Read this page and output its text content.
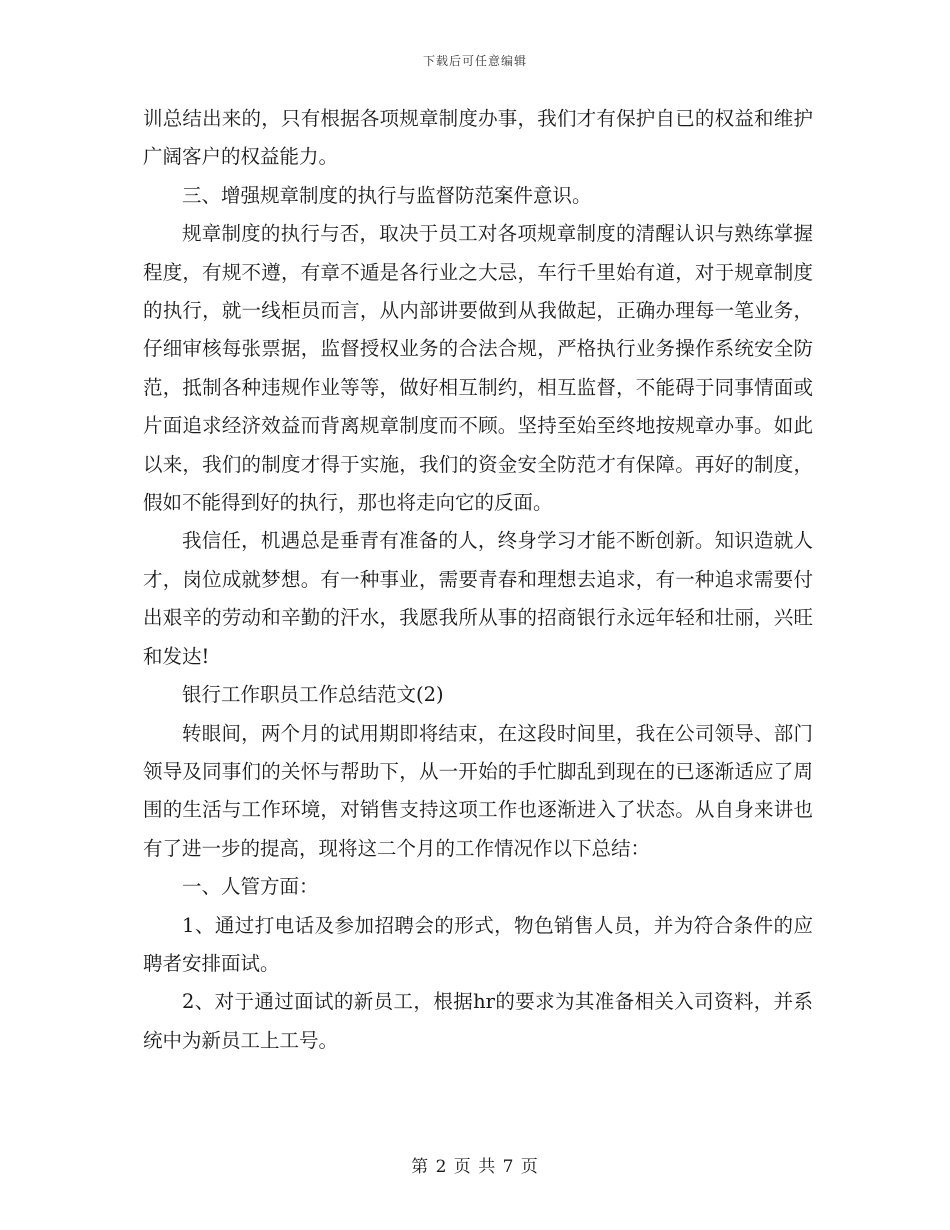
下载后可任意编辑

训总结出来的，只有根据各项规章制度办事，我们才有保护自已的权益和维护广阔客户的权益能力。

三、增强规章制度的执行与监督防范案件意识。

规章制度的执行与否，取决于员工对各项规章制度的清醒认识与熟练掌握程度，有规不遵，有章不遁是各行业之大忌，车行千里始有道，对于规章制度的执行，就一线柜员而言，从内部讲要做到从我做起，正确办理每一笔业务，仔细审核每张票据，监督授权业务的合法合规，严格执行业务操作系统安全防范，抵制各种违规作业等等，做好相互制约，相互监督，不能碍于同事情面或片面追求经济效益而背离规章制度而不顾。坚持至始至终地按规章办事。如此以来，我们的制度才得于实施，我们的资金安全防范才有保障。再好的制度，假如不能得到好的执行，那也将走向它的反面。

我信任，机遇总是垂青有准备的人，终身学习才能不断创新。知识造就人才，岗位成就梦想。有一种事业，需要青春和理想去追求，有一种追求需要付出艰辛的劳动和辛勤的汗水，我愿我所从事的招商银行永远年轻和壮丽，兴旺和发达!

银行工作职员工作总结范文(2)

转眼间，两个月的试用期即将结束，在这段时间里，我在公司领导、部门领导及同事们的关怀与帮助下，从一开始的手忙脚乱到现在的已逐渐适应了周围的生活与工作环境，对销售支持这项工作也逐渐进入了状态。从自身来讲也有了进一步的提高，现将这二个月的工作情况作以下总结：

一、人管方面：

1、通过打电话及参加招聘会的形式，物色销售人员，并为符合条件的应聘者安排面试。

2、对于通过面试的新员工，根据hr的要求为其准备相关入司资料，并系统中为新员工上工号。

第 2 页 共 7 页
